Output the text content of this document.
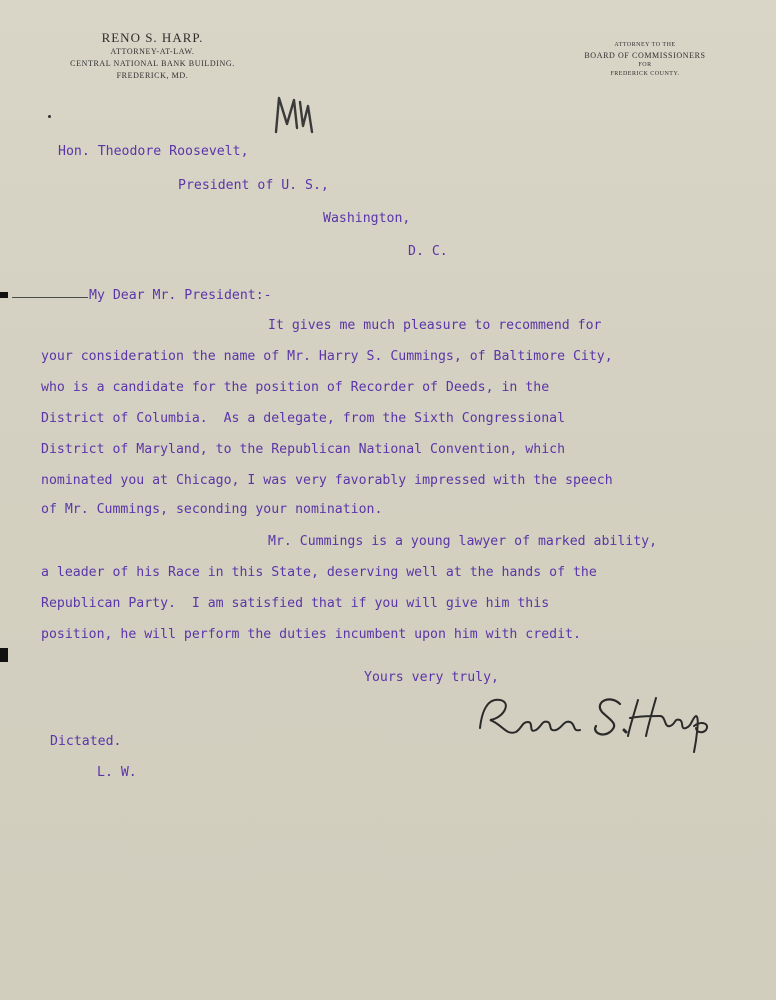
RENO S. HARP.
ATTORNEY-AT-LAW.
CENTRAL NATIONAL BANK BUILDING.
FREDERICK, MD.
ATTORNEY TO THE
BOARD OF COMMISSIONERS
FOR
FREDERICK COUNTY.
Hon. Theodore Roosevelt,
President of U. S.,
Washington,
D. C.
My Dear Mr. President:-
It gives me much pleasure to recommend for
your consideration the name of Mr. Harry S. Cummings, of Baltimore City,
who is a candidate for the position of Recorder of Deeds, in the
District of Columbia.  As a delegate, from the Sixth Congressional
District of Maryland, to the Republican National Convention, which
nominated you at Chicago, I was very favorably impressed with the speech
of Mr. Cummings, seconding your nomination.
Mr. Cummings is a young lawyer of marked ability,
a leader of his Race in this State, deserving well at the hands of the
Republican Party.  I am satisfied that if you will give him this
position, he will perform the duties incumbent upon him with credit.
Yours very truly,
Dictated.
L. W.
